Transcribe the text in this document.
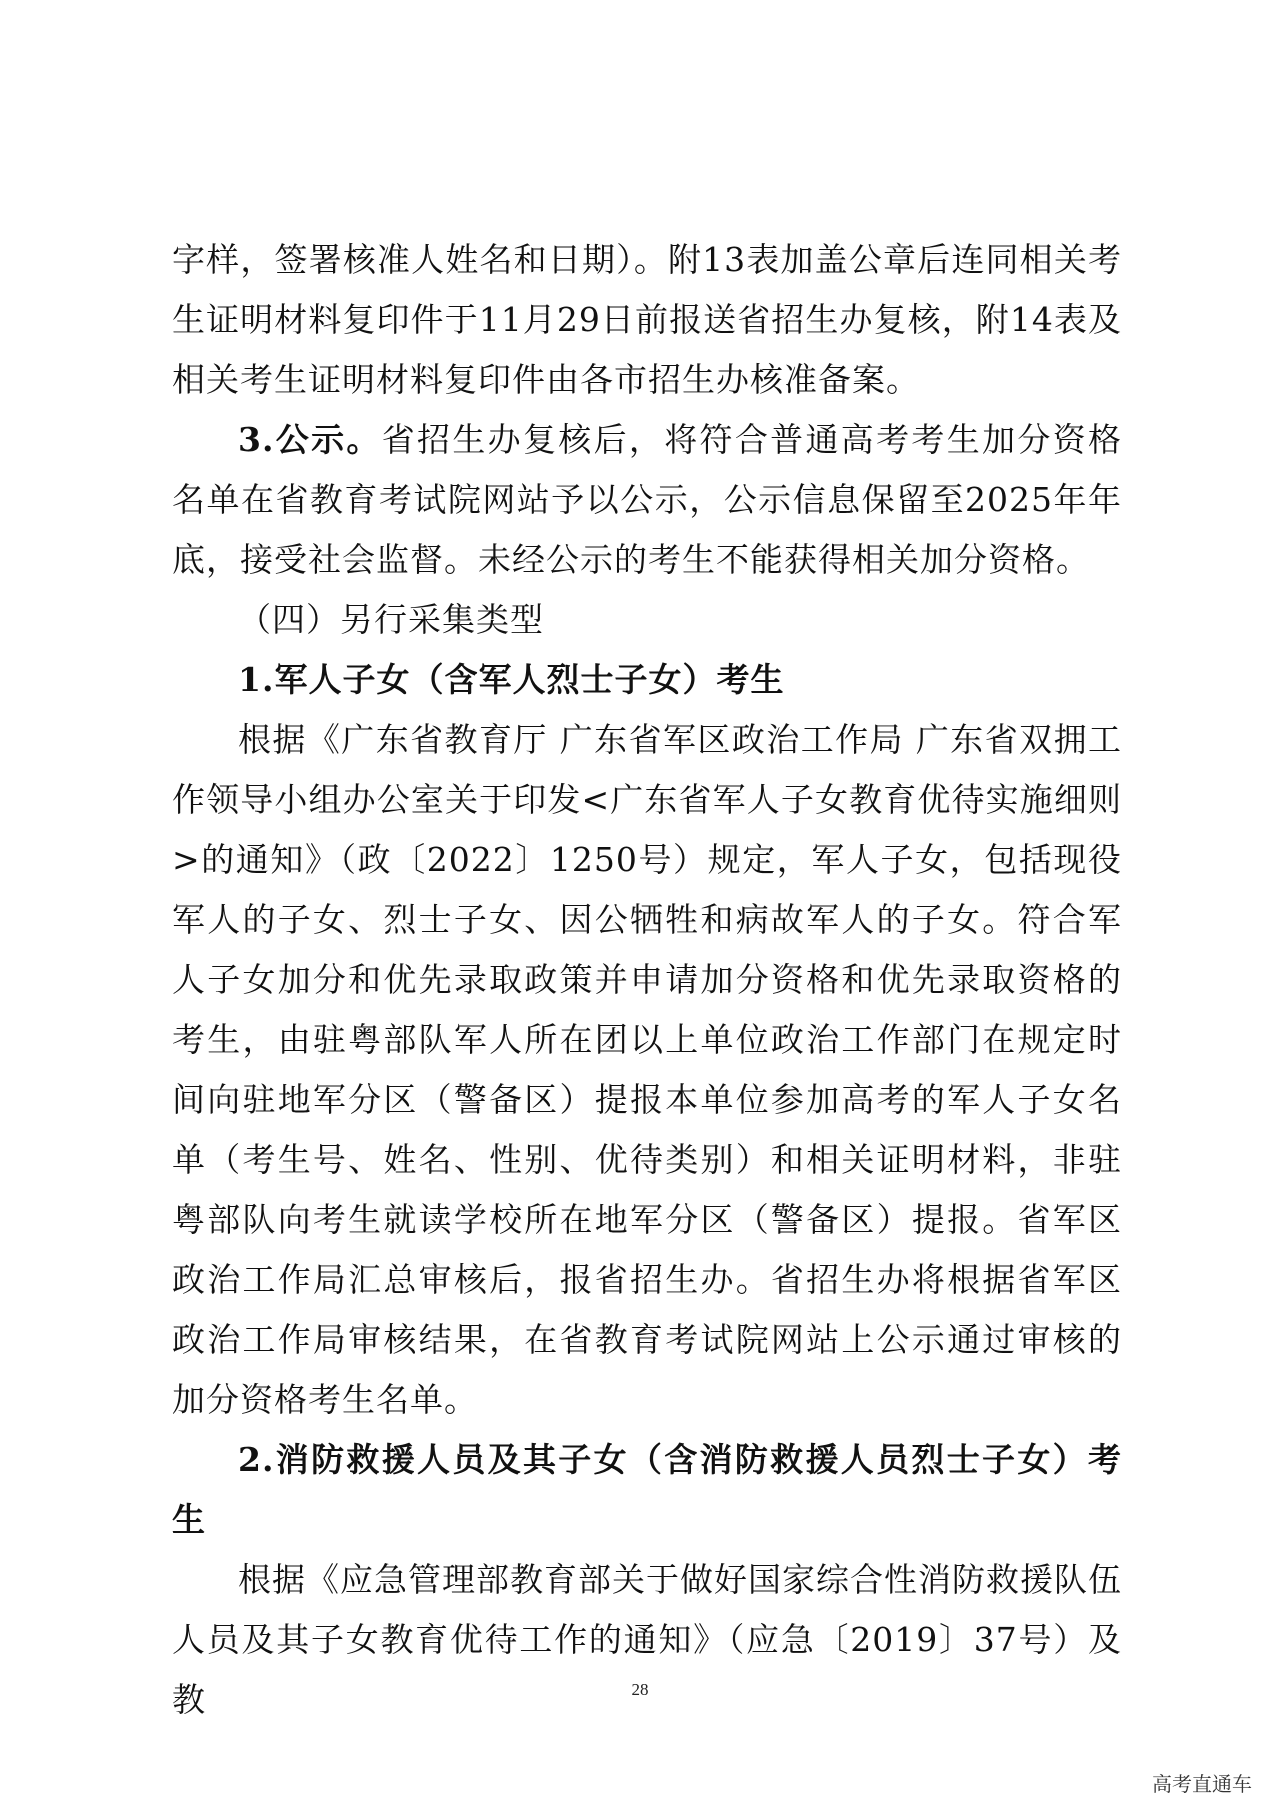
字样，签署核准人姓名和日期）。附13表加盖公章后连同相关考生证明材料复印件于11月29日前报送省招生办复核，附14表及相关考生证明材料复印件由各市招生办核准备案。

3.公示。省招生办复核后，将符合普通高考考生加分资格名单在省教育考试院网站予以公示，公示信息保留至2025年年底，接受社会监督。未经公示的考生不能获得相关加分资格。

（四）另行采集类型

1.军人子女（含军人烈士子女）考生

根据《广东省教育厅 广东省军区政治工作局 广东省双拥工作领导小组办公室关于印发<广东省军人子女教育优待实施细则>的通知》（政〔2022〕1250号）规定，军人子女，包括现役军人的子女、烈士子女、因公牺牲和病故军人的子女。符合军人子女加分和优先录取政策并申请加分资格和优先录取资格的考生，由驻粤部队军人所在团以上单位政治工作部门在规定时间向驻地军分区（警备区）提报本单位参加高考的军人子女名单（考生号、姓名、性别、优待类别）和相关证明材料，非驻粤部队向考生就读学校所在地军分区（警备区）提报。省军区政治工作局汇总审核后，报省招生办。省招生办将根据省军区政治工作局审核结果，在省教育考试院网站上公示通过审核的加分资格考生名单。

2.消防救援人员及其子女（含消防救援人员烈士子女）考生

根据《应急管理部教育部关于做好国家综合性消防救援队伍人员及其子女教育优待工作的通知》（应急〔2019〕37号）及教	28
高考直通车
